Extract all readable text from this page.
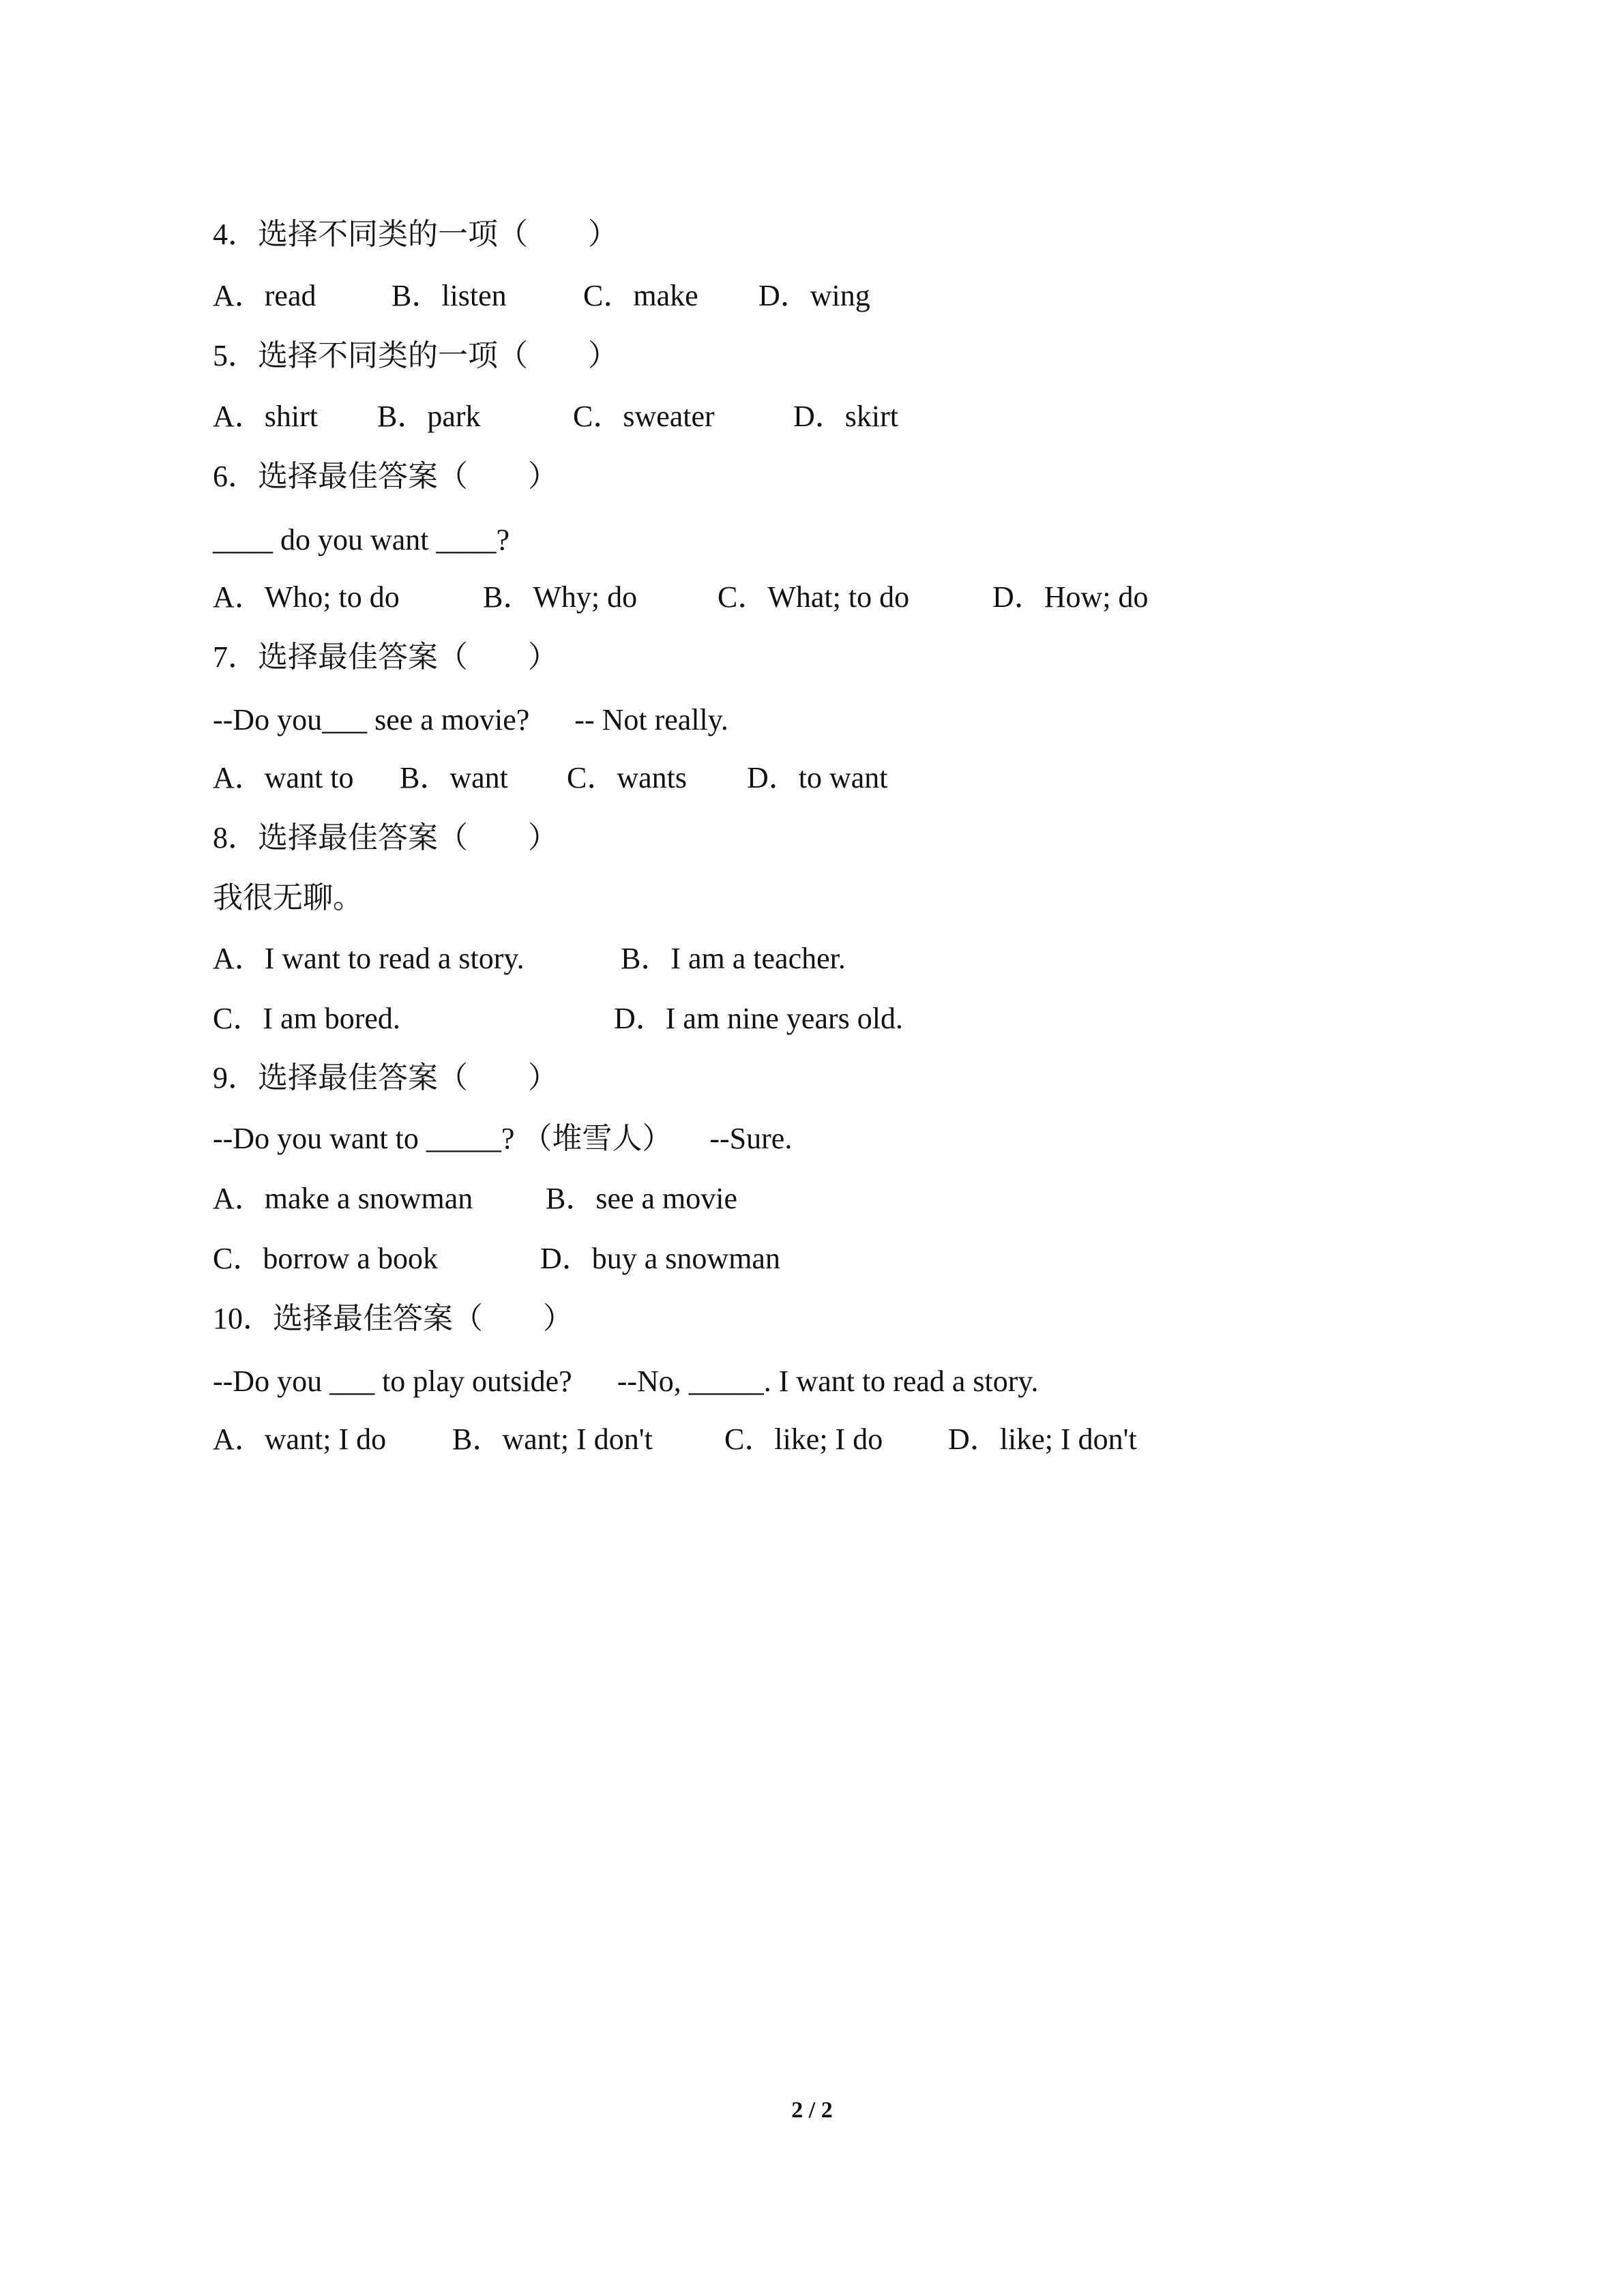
4．选择不同类的一项（　　）
A．read	B．listen	C．make D．wing
5．选择不同类的一项（　　）
A．shirt B．park	C．sweater	D．skirt
6．选择最佳答案（　　）
____ do you want ____?
A．Who; to do	B．Why; do	C．What; to do	D．How; do
7．选择最佳答案（　　）
--Do you___ see a movie?      -- Not really.
A．want to B．want C．wants D．to want
8．选择最佳答案（　　）
我很无聊。
A．I want to read a story.	B．I am a teacher.
C．I am bored.	D．I am nine years old.
9．选择最佳答案（　　）
--Do you want to _____? （堆雪人）     --Sure.
A．make a snowman B．see a movie
C．borrow a book	D．buy a snowman
10．选择最佳答案（　　）
--Do you ___ to play outside?      --No, _____. I want to read a story.
A．want; I do B．want; I don't C．like; I do D．like; I don't
2 / 2
